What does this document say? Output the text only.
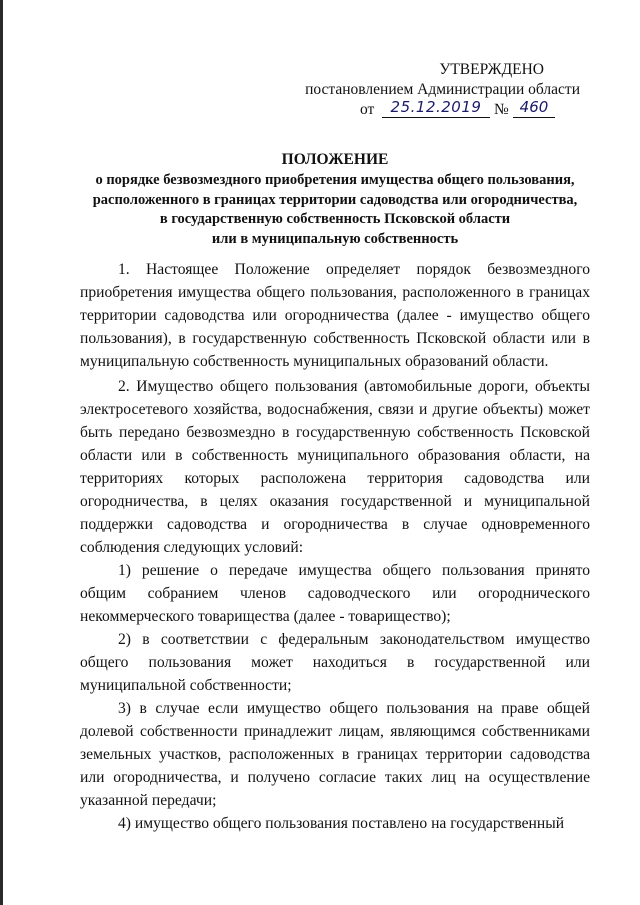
УТВЕРЖДЕНО
постановлением Администрации области
от	25.12.2019 № 460
ПОЛОЖЕНИЕ
о порядке безвозмездного приобретения имущества общего пользования,
расположенного в границах территории садоводства или огородничества,
в государственную собственность Псковской области
или в муниципальную собственность

1. Настоящее Положение определяет порядок безвозмездного приобретения имущества общего пользования, расположенного в границах территории садоводства или огородничества (далее - имущество общего пользования), в государственную собственность Псковской области или в муниципальную собственность муниципальных образований области.

2. Имущество общего пользования (автомобильные дороги, объекты электросетевого хозяйства, водоснабжения, связи и другие объекты) может быть передано безвозмездно в государственную собственность Псковской области или в собственность муниципального образования области, на территориях которых расположена территория садоводства или огородничества, в целях оказания государственной и муниципальной поддержки садоводства и огородничества в случае одновременного соблюдения следующих условий:

1) решение о передаче имущества общего пользования принято общим собранием членов садоводческого или огороднического некоммерческого товарищества (далее - товарищество);

2) в соответствии с федеральным законодательством имущество общего пользования может находиться в государственной или муниципальной собственности;

3) в случае если имущество общего пользования на праве общей долевой собственности принадлежит лицам, являющимся собственниками земельных участков, расположенных в границах территории садоводства или огородничества, и получено согласие таких лиц на осуществление указанной передачи;

4) имущество общего пользования поставлено на государственный
